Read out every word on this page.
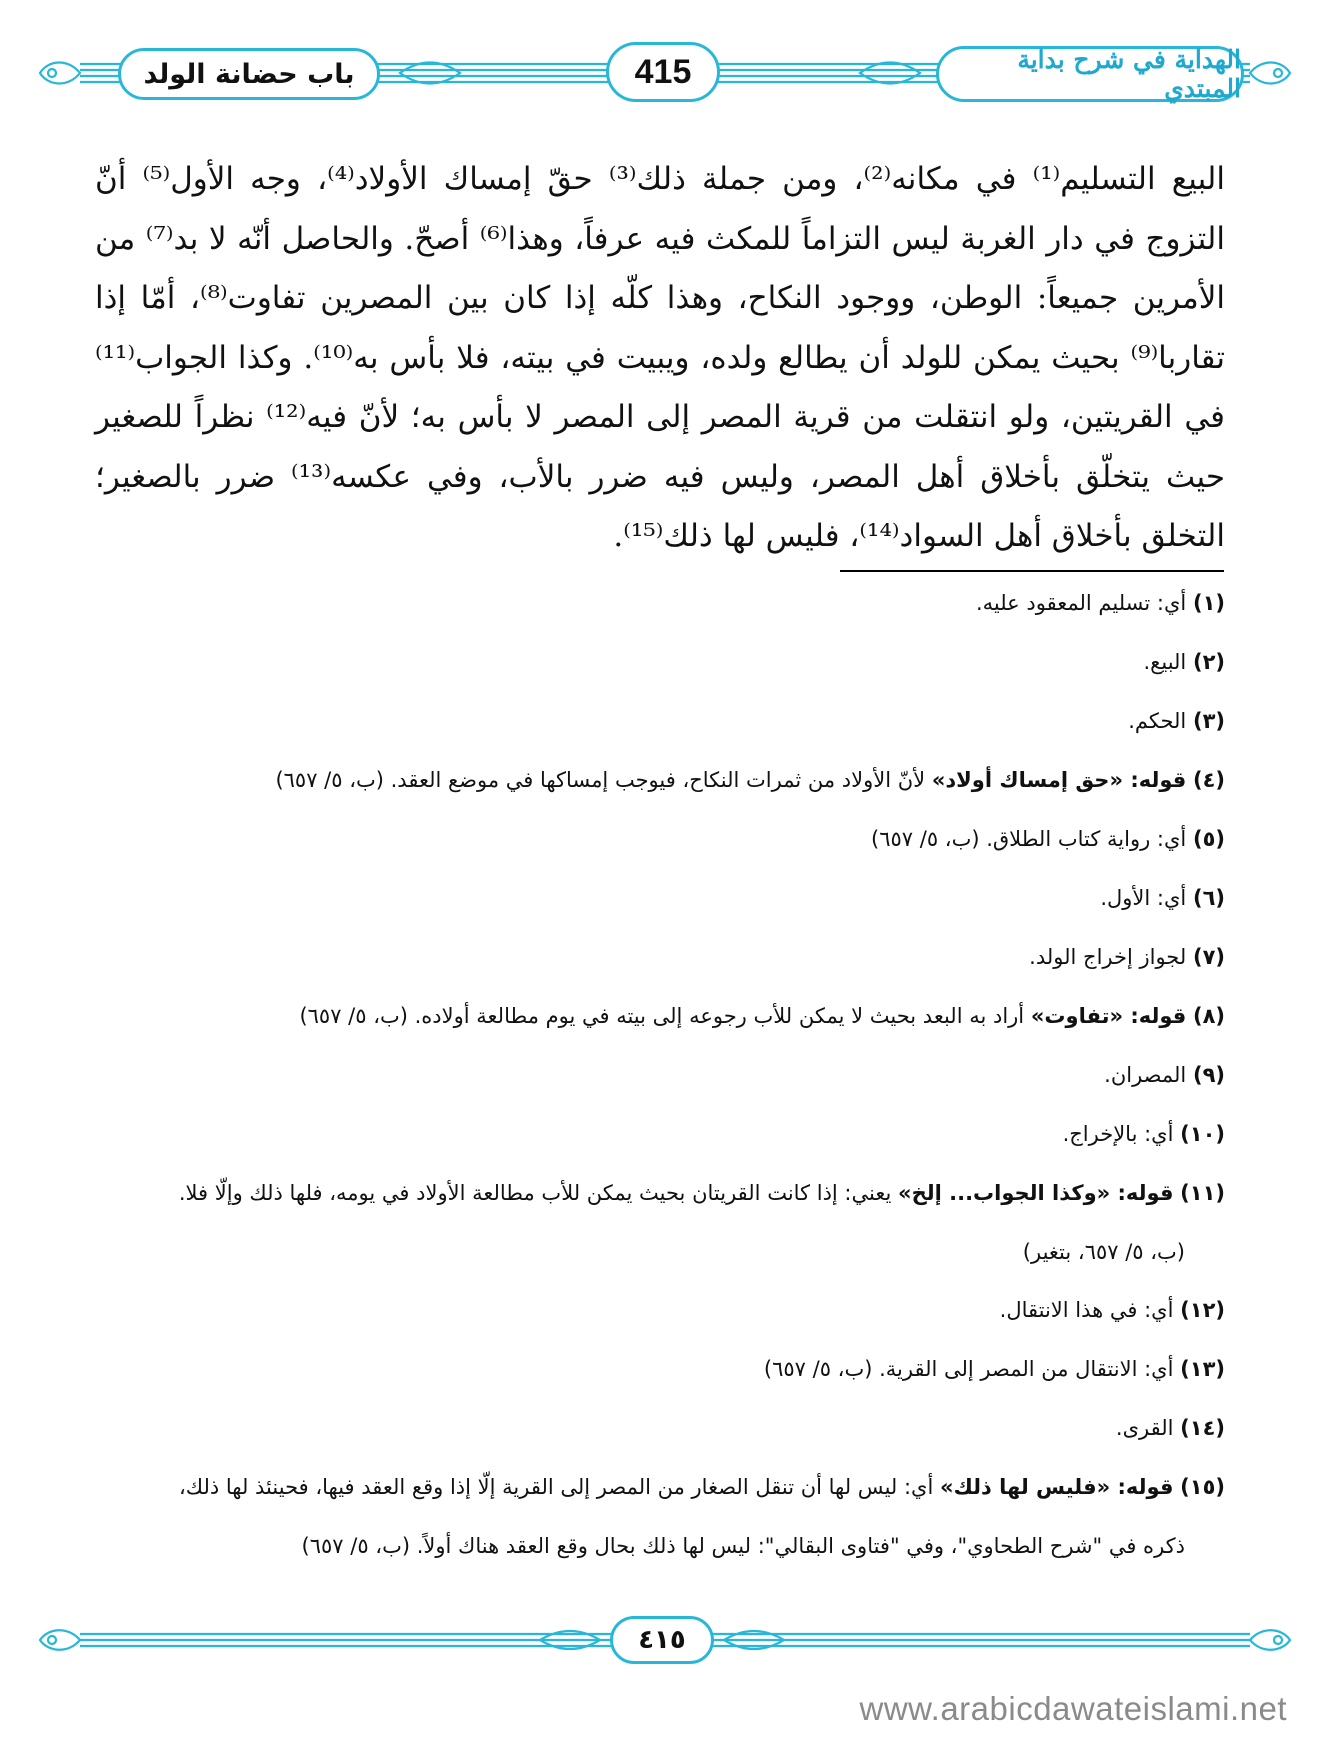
باب حضانة الولد	415	الهداية في شرح بداية المبتدي
البيع التسليم⁽¹⁾ في مكانه⁽²⁾، ومن جملة ذلك⁽³⁾ حقّ إمساك الأولاد⁽⁴⁾، وجه الأول⁽⁵⁾ أنّ التزوج في دار الغربة ليس التزاماً للمكث فيه عرفاً، وهذا⁽⁶⁾ أصحّ. والحاصل أنّه لا بد⁽⁷⁾ من الأمرين جميعاً: الوطن، ووجود النكاح، وهذا كلّه إذا كان بين المصرين تفاوت⁽⁸⁾، أمّا إذا تقاربا⁽⁹⁾ بحيث يمكن للولد أن يطالع ولده، ويبيت في بيته، فلا بأس به⁽¹⁰⁾. وكذا الجواب⁽¹¹⁾ في القريتين، ولو انتقلت من قرية المصر إلى المصر لا بأس به؛ لأنّ فيه⁽¹²⁾ نظراً للصغير حيث يتخلّق بأخلاق أهل المصر، وليس فيه ضرر بالأب، وفي عكسه⁽¹³⁾ ضرر بالصغير؛ التخلق بأخلاق أهل السواد⁽¹⁴⁾، فليس لها ذلك⁽¹⁵⁾.
(١) أي: تسليم المعقود عليه.
(٢) البيع.
(٣) الحكم.
(٤) قوله: «حق إمساك أولاد» لأنّ الأولاد من ثمرات النكاح، فيوجب إمساكها في موضع العقد. (ب، ٥/ ٦٥٧)
(٥) أي: رواية كتاب الطلاق. (ب، ٥/ ٦٥٧)
(٦) أي: الأول.
(٧) لجواز إخراج الولد.
(٨) قوله: «تفاوت» أراد به البعد بحيث لا يمكن للأب رجوعه إلى بيته في يوم مطالعة أولاده. (ب، ٥/ ٦٥٧)
(٩) المصران.
(١٠) أي: بالإخراج.
(١١) قوله: «وكذا الجواب... إلخ» يعني: إذا كانت القريتان بحيث يمكن للأب مطالعة الأولاد في يومه، فلها ذلك وإلّا فلا.
(ب، ٥/ ٦٥٧، بتغير)
(١٢) أي: في هذا الانتقال.
(١٣) أي: الانتقال من المصر إلى القرية. (ب، ٥/ ٦٥٧)
(١٤) القرى.
(١٥) قوله: «فليس لها ذلك» أي: ليس لها أن تنقل الصغار من المصر إلى القرية إلّا إذا وقع العقد فيها، فحينئذ لها ذلك،
ذكره في "شرح الطحاوي"، وفي "فتاوى البقالي": ليس لها ذلك بحال وقع العقد هناك أولاً. (ب، ٥/ ٦٥٧)
٤١٥
www.arabicdawateislami.net
